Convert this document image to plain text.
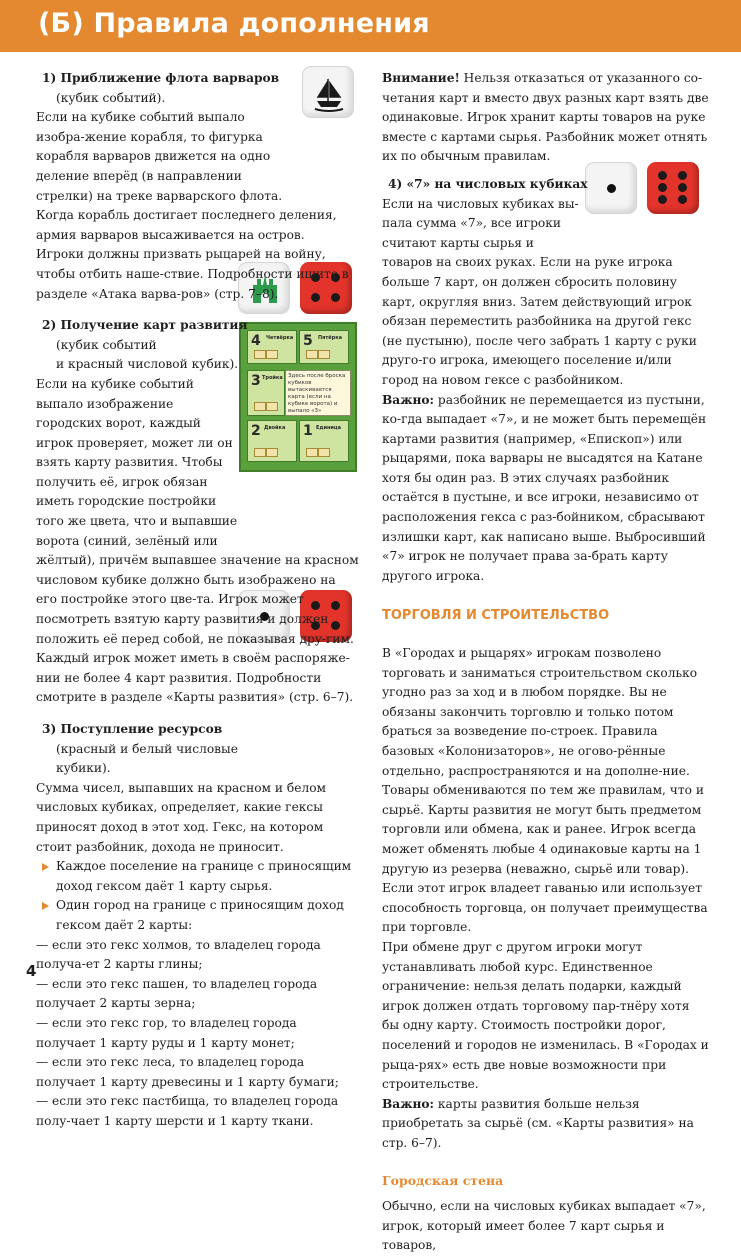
(Б) Правила дополнения
4 Четвёрка 5 Пятёрка
3 Тройка Здесь после броска кубиков вытаскивается карта (если на кубике ворота) и выпало «3»
2 Двойка 1 Единица

1) Приближение флота варваров

(кубик событий).

Если на кубике событий выпало изобра-жение корабля, то фигурка корабля варваров движется на одно деление вперёд (в направлении стрелки) на треке варварского флота.

Когда корабль достигает последнего деления, армия варваров высаживается на остров. Игроки должны призвать рыцарей на войну, чтобы отбить наше-ствие. Подробности ищите в разделе «Атака варва-ров» (стр. 7–8).

2) Получение карт развития

(кубик событий

и красный числовой кубик).

Если на кубике событий выпало изображение городских ворот, каждый игрок проверяет, может ли он взять карту развития. Чтобы получить её, игрок обязан иметь городские постройки того же цвета, что и выпавшие ворота (синий, зелёный или жёлтый), причём выпавшее значение на красном числовом кубике должно быть изображено на его постройке этого цве-та. Игрок может посмотреть взятую карту развития и должен положить её перед собой, не показывая дру-гим. Каждый игрок может иметь в своём распоряже-нии не более 4 карт развития. Подробности смотрите в разделе «Карты развития» (стр. 6–7).

3) Поступление ресурсов

(красный и белый числовые

кубики).

Сумма чисел, выпавших на красном и белом числовых кубиках, определяет, какие гексы приносят доход в этот ход. Гекс, на котором стоит разбойник, дохода не приносит.

Каждое поселение на границе с приносящим доход гексом даёт 1 карту сырья.

Один город на границе с приносящим доход гексом даёт 2 карты:

— если это гекс холмов, то владелец города получа-ет 2 карты глины;

— если это гекс пашен, то владелец города получает 2 карты зерна;

— если это гекс гор, то владелец города получает 1 карту руды и 1 карту монет;

— если это гекс леса, то владелец города получает 1 карту древесины и 1 карту бумаги;

— если это гекс пастбища, то владелец города полу-чает 1 карту шерсти и 1 карту ткани.

Внимание! Нельзя отказаться от указанного со-четания карт и вместо двух разных карт взять две одинаковые. Игрок хранит карты товаров на руке вместе с картами сырья. Разбойник может отнять их по обычным правилам.

4) «7» на числовых кубиках

Если на числовых кубиках вы-пала сумма «7», все игроки считают карты сырья и товаров на своих руках. Если на руке игрока больше 7 карт, он должен сбросить половину карт, округляя вниз. Затем действующий игрок обязан переместить разбойника на другой гекс (не пустыню), после чего забрать 1 карту с руки друго-го игрока, имеющего поселение и/или город на новом гексе с разбойником.

Важно: разбойник не перемещается из пустыни, ко-гда выпадает «7», и не может быть перемещён картами развития (например, «Епископ») или рыцарями, пока варвары не высадятся на Катане хотя бы один раз. В этих случаях разбойник остаётся в пустыне, и все игроки, независимо от расположения гекса с раз-бойником, сбрасывают излишки карт, как написано выше. Выбросивший «7» игрок не получает права за-брать карту другого игрока.

ТОРГОВЛЯ И СТРОИТЕЛЬСТВО

В «Городах и рыцарях» игрокам позволено торговать и заниматься строительством сколько угодно раз за ход и в любом порядке. Вы не обязаны закончить торговлю и только потом браться за возведение по-строек. Правила базовых «Колонизаторов», не огово-рённые отдельно, распространяются и на дополне-ние. Товары обмениваются по тем же правилам, что и сырьё. Карты развития не могут быть предметом торговли или обмена, как и ранее. Игрок всегда может обменять любые 4 одинаковые карты на 1 другую из резерва (неважно, сырьё или товар). Если этот игрок владеет гаванью или использует способность торговца, он получает преимущества при торговле.

При обмене друг с другом игроки могут устанавливать любой курс. Единственное ограничение: нельзя делать подарки, каждый игрок должен отдать торговому пар-тнёру хотя бы одну карту. Стоимость постройки дорог, поселений и городов не изменилась. В «Городах и рыца-рях» есть две новые возможности при строительстве.

Важно: карты развития больше нельзя приобретать за сырьё (см. «Карты развития» на стр. 6–7).

Городская стена

Обычно, если на числовых кубиках выпадает «7», игрок, который имеет более 7 карт сырья и товаров,

4
